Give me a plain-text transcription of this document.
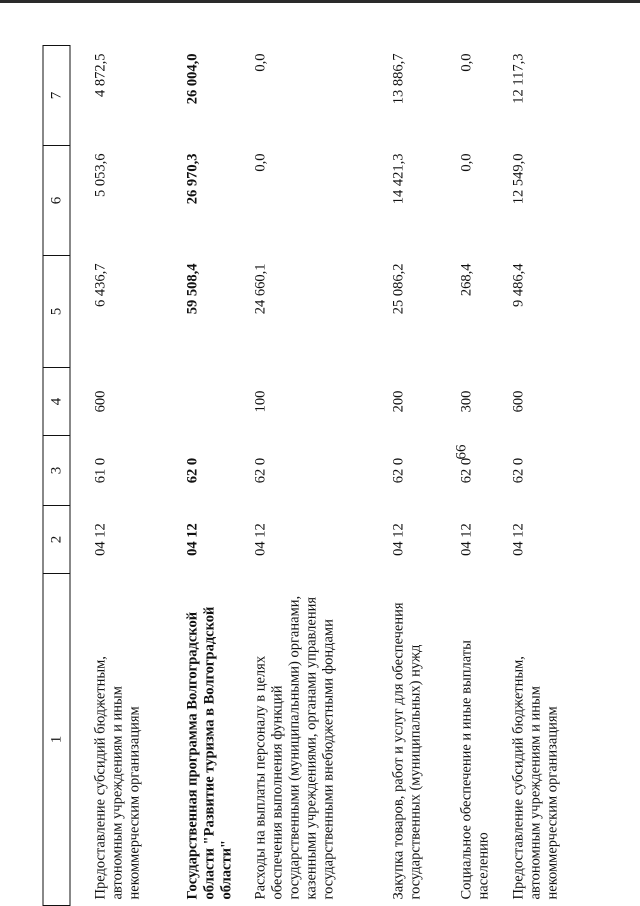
66
1	2	3	4	5	6	7

Предоставление субсидий бюджетным, автономным учреждениям и иным некоммерческим организациям	04 12	61 0	600	6 436,7	5 053,6	4 872,5
Государственная программа Волгоградской области "Развитие туризма в Волгоградской области"	04 12	62 0		59 508,4	26 970,3	26 004,0
Расходы на выплаты персоналу в целях обеспечения выполнения функций государственными (муниципальными) органами, казенными учреждениями, органами управления государственными внебюджетными фондами	04 12	62 0	100	24 660,1	0,0	0,0
Закупка товаров, работ и услуг для обеспечения государственных (муниципальных) нужд	04 12	62 0	200	25 086,2	14 421,3	13 886,7
Социальное обеспечение и иные выплаты населению	04 12	62 0	300	268,4	0,0	0,0
Предоставление субсидий бюджетным, автономным учреждениям и иным некоммерческим организациям	04 12	62 0	600	9 486,4	12 549,0	12 117,3
